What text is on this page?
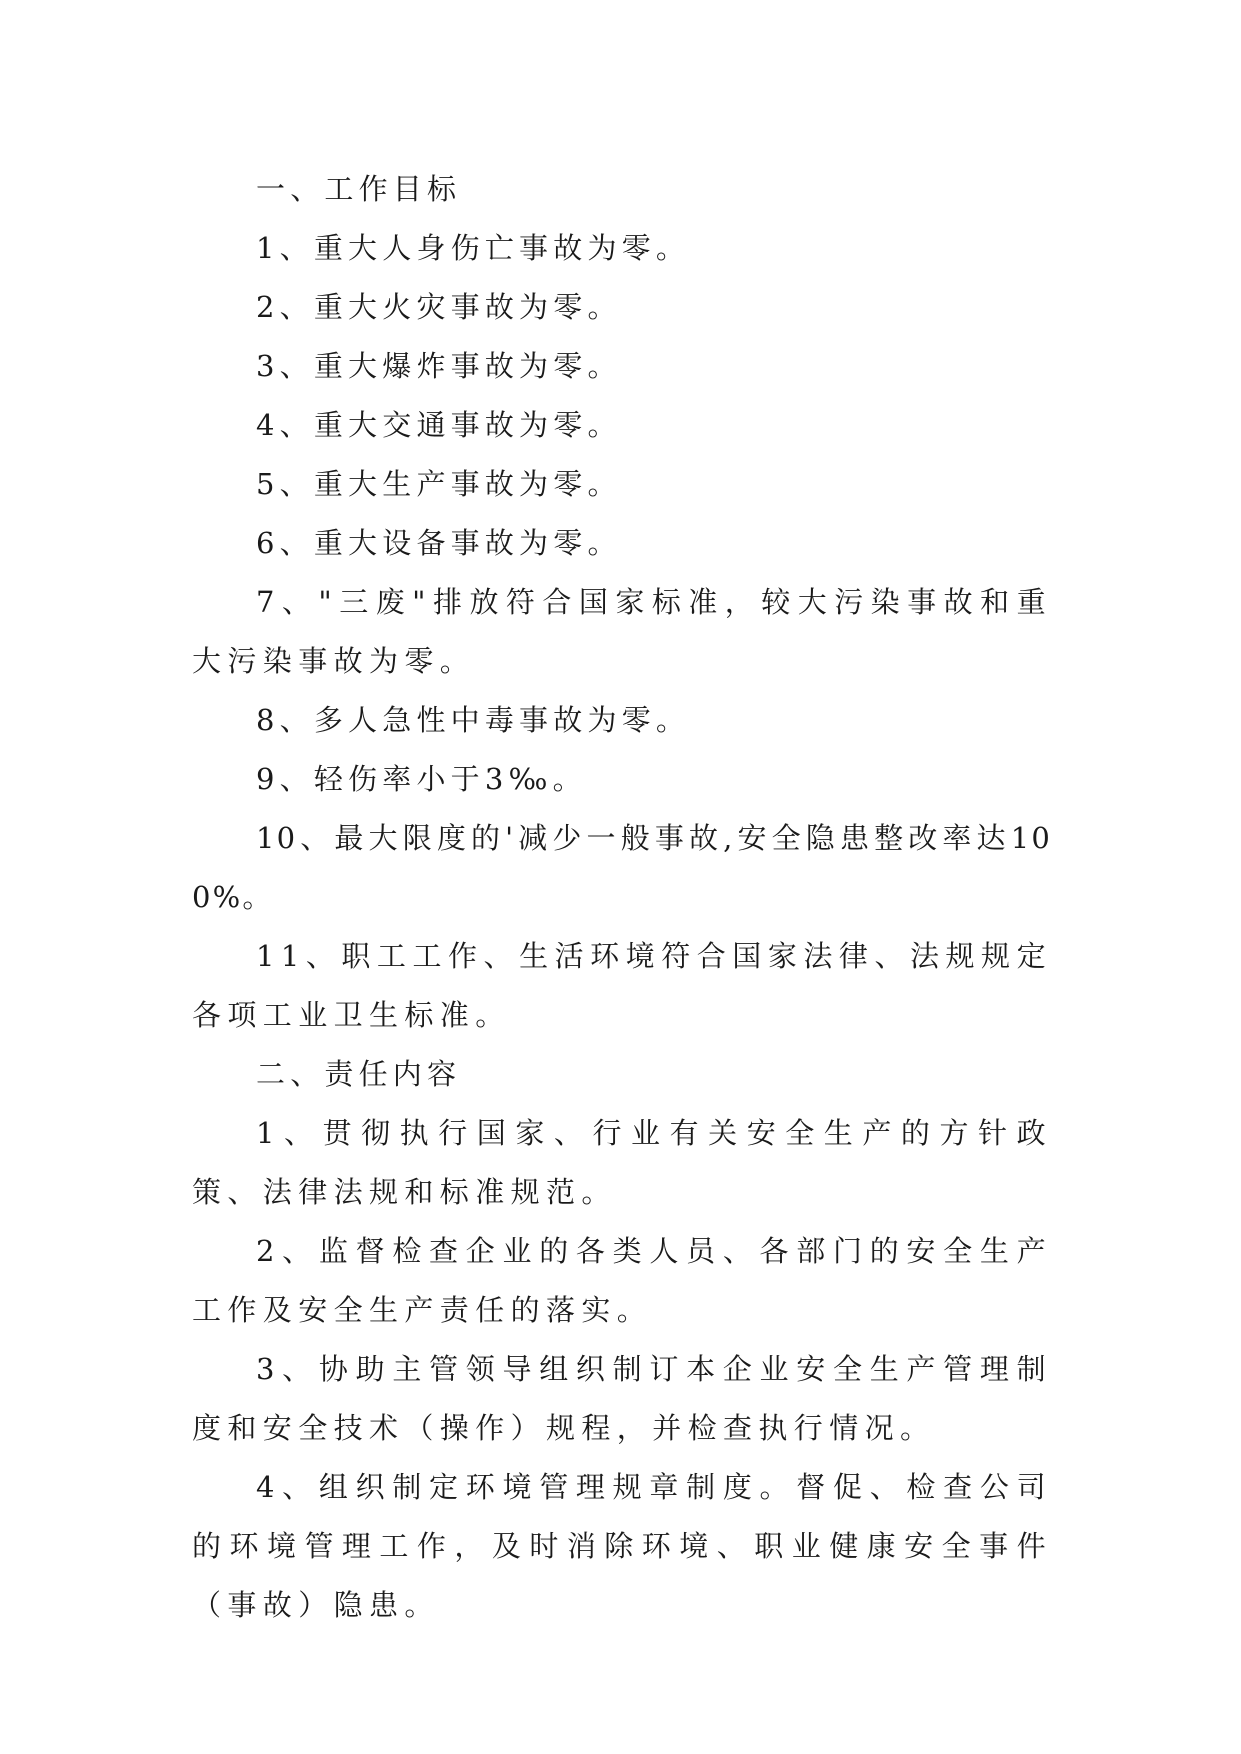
一、工作目标

1、重大人身伤亡事故为零。

2、重大火灾事故为零。

3、重大爆炸事故为零。

4、重大交通事故为零。

5、重大生产事故为零。

6、重大设备事故为零。

7、"三废"排放符合国家标准，较大污染事故和重大污染事故为零。

8、多人急性中毒事故为零。

9、轻伤率小于3‰。

10、最大限度的'减少一般事故,安全隐患整改率达100%。

11、职工工作、生活环境符合国家法律、法规规定各项工业卫生标准。

二、责任内容

1、贯彻执行国家、行业有关安全生产的方针政策、法律法规和标准规范。

2、监督检查企业的各类人员、各部门的安全生产工作及安全生产责任的落实。

3、协助主管领导组织制订本企业安全生产管理制度和安全技术（操作）规程，并检查执行情况。

4、组织制定环境管理规章制度。督促、检查公司的环境管理工作，及时消除环境、职业健康安全事件（事故）隐患。
